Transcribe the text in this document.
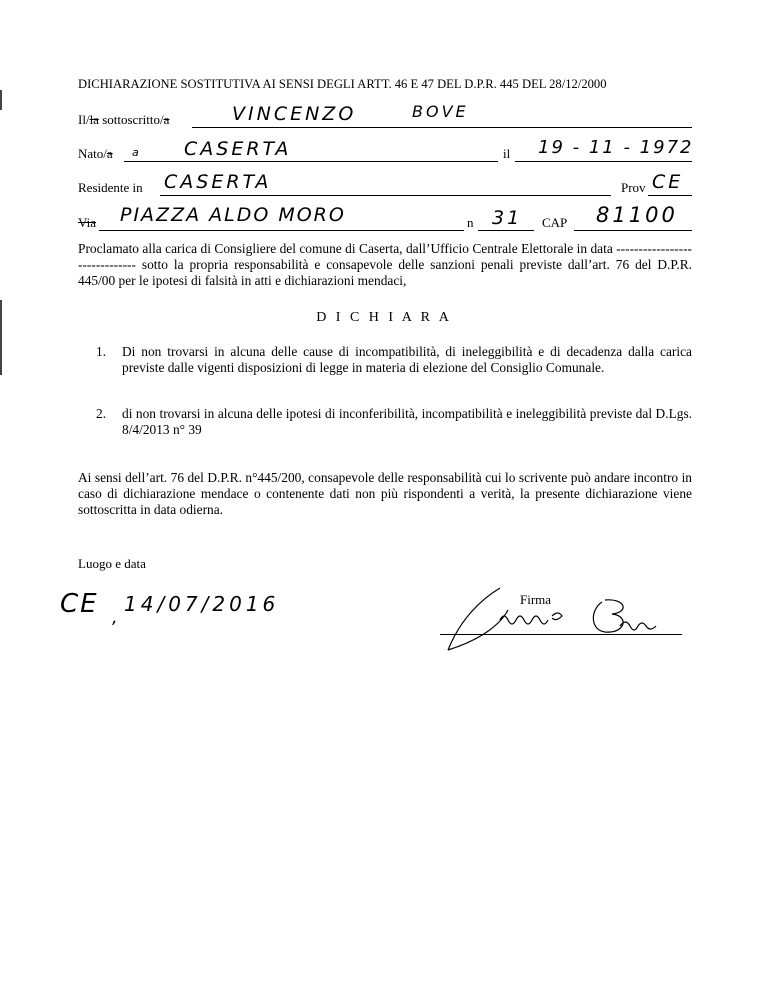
DICHIARAZIONE SOSTITUTIVA AI SENSI DEGLI ARTT. 46 E 47 DEL D.P.R. 445 DEL 28/12/2000
Il/la sottoscritto/a	VINCENZO	BOVE
Nato/a a CASERTA	il 19 - 11 - 1972
Residente in CASERTA	Prov CE
Via PIAZZA ALDO MORO	n 31 CAP 81100
Proclamato alla carica di Consigliere del comune di Caserta, dall’Ufficio Centrale Elettorale in data ------------------------------ sotto la propria responsabilità e consapevole delle sanzioni penali previste dall’art. 76 del D.P.R. 445/00 per le ipotesi di falsità in atti e dichiarazioni mendaci,
D I C H I A R A
1. Di non trovarsi in alcuna delle cause di incompatibilità, di ineleggibilità e di decadenza dalla carica previste dalle vigenti disposizioni di legge in materia di elezione del Consiglio Comunale.
2. di non trovarsi in alcuna delle ipotesi di inconferibilità, incompatibilità e ineleggibilità previste dal D.Lgs. 8/4/2013 n° 39
Ai sensi dell’art. 76 del D.P.R. n°445/200, consapevole delle responsabilità cui lo scrivente può andare incontro in caso di dichiarazione mendace o contenente dati non più rispondenti a verità, la presente dichiarazione viene sottoscritta in data odierna.
Luogo e data
CE ,
14/07/2016	Firma
